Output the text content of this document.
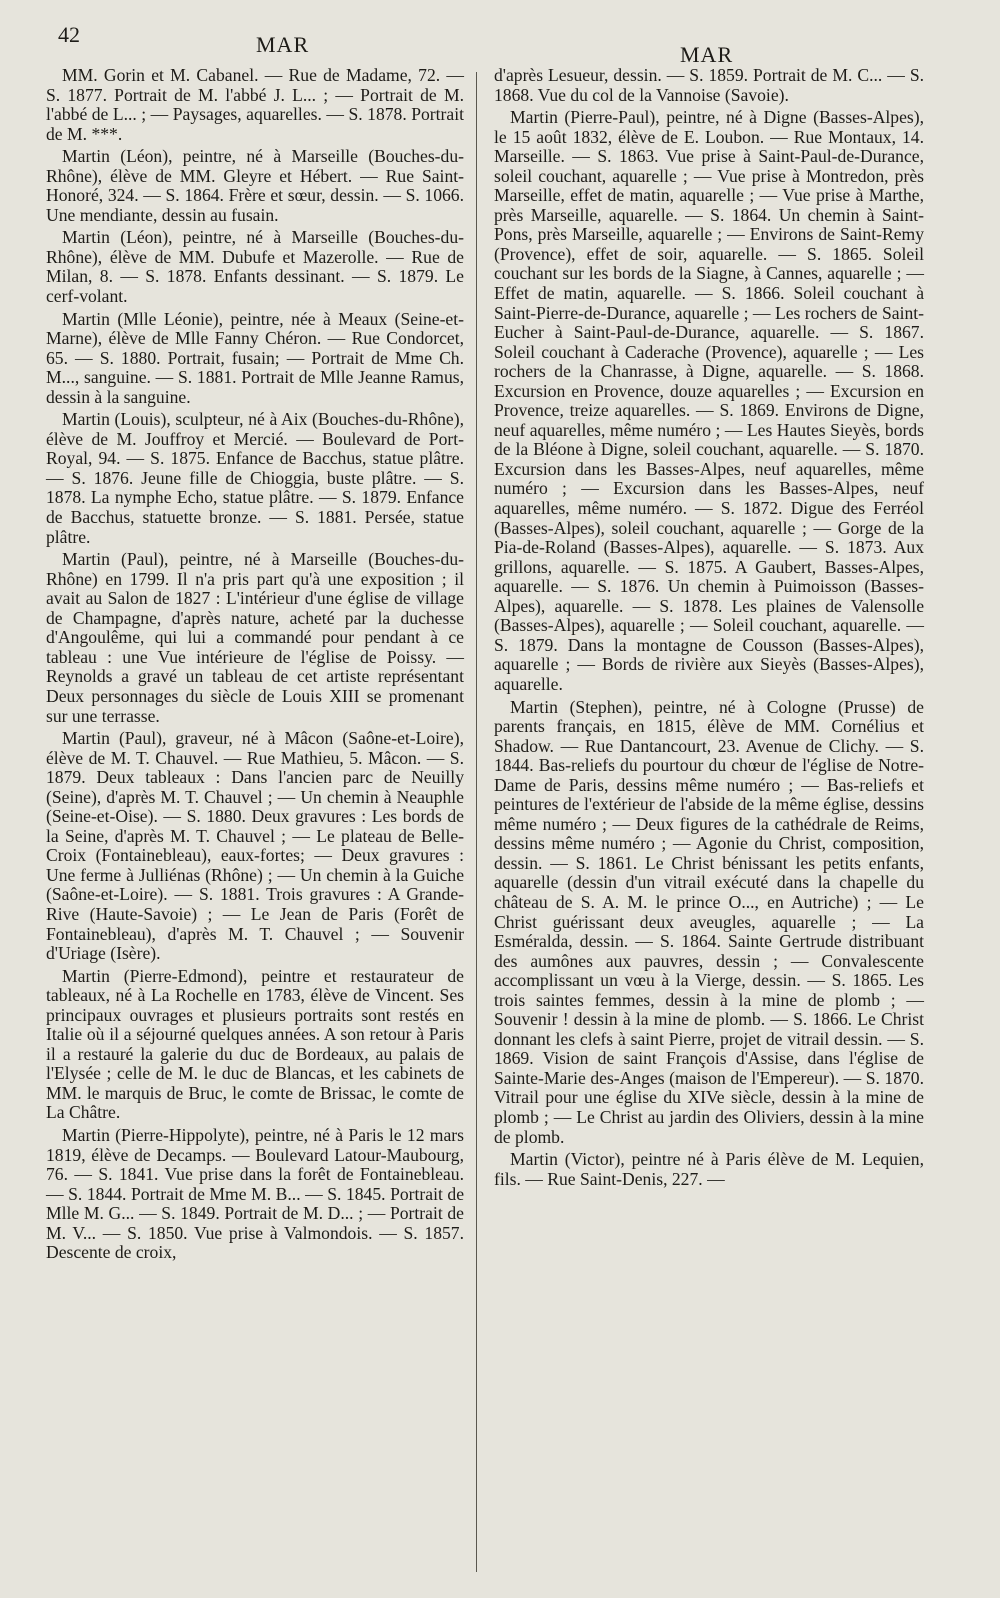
42	MAR	MAR

MM. Gorin et M. Cabanel. — Rue de Madame, 72. — S. 1877. Portrait de M. l'abbé J. L... ; — Portrait de M. l'abbé de L... ; — Paysages, aquarelles. — S. 1878. Portrait de M. ***.

Martin (Léon), peintre, né à Marseille (Bouches-du-Rhône), élève de MM. Gleyre et Hébert. — Rue Saint-Honoré, 324. — S. 1864. Frère et sœur, dessin. — S. 1066. Une mendiante, dessin au fusain.

Martin (Léon), peintre, né à Marseille (Bouches-du-Rhône), élève de MM. Dubufe et Mazerolle. — Rue de Milan, 8. — S. 1878. Enfants dessinant. — S. 1879. Le cerf-volant.

Martin (Mlle Léonie), peintre, née à Meaux (Seine-et-Marne), élève de Mlle Fanny Chéron. — Rue Condorcet, 65. — S. 1880. Portrait, fusain; — Portrait de Mme Ch. M..., sanguine. — S. 1881. Portrait de Mlle Jeanne Ramus, dessin à la sanguine.

Martin (Louis), sculpteur, né à Aix (Bouches-du-Rhône), élève de M. Jouffroy et Mercié. — Boulevard de Port-Royal, 94. — S. 1875. Enfance de Bacchus, statue plâtre. — S. 1876. Jeune fille de Chioggia, buste plâtre. — S. 1878. La nymphe Echo, statue plâtre. — S. 1879. Enfance de Bacchus, statuette bronze. — S. 1881. Persée, statue plâtre.

Martin (Paul), peintre, né à Marseille (Bouches-du-Rhône) en 1799. Il n'a pris part qu'à une exposition ; il avait au Salon de 1827 : L'intérieur d'une église de village de Champagne, d'après nature, acheté par la duchesse d'Angoulême, qui lui a commandé pour pendant à ce tableau : une Vue intérieure de l'église de Poissy. — Reynolds a gravé un tableau de cet artiste représentant Deux personnages du siècle de Louis XIII se promenant sur une terrasse.

Martin (Paul), graveur, né à Mâcon (Saône-et-Loire), élève de M. T. Chauvel. — Rue Mathieu, 5. Mâcon. — S. 1879. Deux tableaux : Dans l'ancien parc de Neuilly (Seine), d'après M. T. Chauvel ; — Un chemin à Neauphle (Seine-et-Oise). — S. 1880. Deux gravures : Les bords de la Seine, d'après M. T. Chauvel ; — Le plateau de Belle-Croix (Fontainebleau), eaux-fortes; — Deux gravures : Une ferme à Julliénas (Rhône) ; — Un chemin à la Guiche (Saône-et-Loire). — S. 1881. Trois gravures : A Grande-Rive (Haute-Savoie) ; — Le Jean de Paris (Forêt de Fontainebleau), d'après M. T. Chauvel ; — Souvenir d'Uriage (Isère).

Martin (Pierre-Edmond), peintre et restaurateur de tableaux, né à La Rochelle en 1783, élève de Vincent. Ses principaux ouvrages et plusieurs portraits sont restés en Italie où il a séjourné quelques années. A son retour à Paris il a restauré la galerie du duc de Bordeaux, au palais de l'Elysée ; celle de M. le duc de Blancas, et les cabinets de MM. le marquis de Bruc, le comte de Brissac, le comte de La Châtre.

Martin (Pierre-Hippolyte), peintre, né à Paris le 12 mars 1819, élève de Decamps. — Boulevard Latour-Maubourg, 76. — S. 1841. Vue prise dans la forêt de Fontainebleau. — S. 1844. Portrait de Mme M. B... — S. 1845. Portrait de Mlle M. G... — S. 1849. Portrait de M. D... ; — Portrait de M. V... — S. 1850. Vue prise à Valmondois. — S. 1857. Descente de croix,

d'après Lesueur, dessin. — S. 1859. Portrait de M. C... — S. 1868. Vue du col de la Vannoise (Savoie).

Martin (Pierre-Paul), peintre, né à Digne (Basses-Alpes), le 15 août 1832, élève de E. Loubon. — Rue Montaux, 14. Marseille. — S. 1863. Vue prise à Saint-Paul-de-Durance, soleil couchant, aquarelle ; — Vue prise à Montredon, près Marseille, effet de matin, aquarelle ; — Vue prise à Marthe, près Marseille, aquarelle. — S. 1864. Un chemin à Saint-Pons, près Marseille, aquarelle ; — Environs de Saint-Remy (Provence), effet de soir, aquarelle. — S. 1865. Soleil couchant sur les bords de la Siagne, à Cannes, aquarelle ; — Effet de matin, aquarelle. — S. 1866. Soleil couchant à Saint-Pierre-de-Durance, aquarelle ; — Les rochers de Saint-Eucher à Saint-Paul-de-Durance, aquarelle. — S. 1867. Soleil couchant à Caderache (Provence), aquarelle ; — Les rochers de la Chanrasse, à Digne, aquarelle. — S. 1868. Excursion en Provence, douze aquarelles ; — Excursion en Provence, treize aquarelles. — S. 1869. Environs de Digne, neuf aquarelles, même numéro ; — Les Hautes Sieyès, bords de la Bléone à Digne, soleil couchant, aquarelle. — S. 1870. Excursion dans les Basses-Alpes, neuf aquarelles, même numéro ; — Excursion dans les Basses-Alpes, neuf aquarelles, même numéro. — S. 1872. Digue des Ferréol (Basses-Alpes), soleil couchant, aquarelle ; — Gorge de la Pia-de-Roland (Basses-Alpes), aquarelle. — S. 1873. Aux grillons, aquarelle. — S. 1875. A Gaubert, Basses-Alpes, aquarelle. — S. 1876. Un chemin à Puimoisson (Basses-Alpes), aquarelle. — S. 1878. Les plaines de Valensolle (Basses-Alpes), aquarelle ; — Soleil couchant, aquarelle. — S. 1879. Dans la montagne de Cousson (Basses-Alpes), aquarelle ; — Bords de rivière aux Sieyès (Basses-Alpes), aquarelle.

Martin (Stephen), peintre, né à Cologne (Prusse) de parents français, en 1815, élève de MM. Cornélius et Shadow. — Rue Dantancourt, 23. Avenue de Clichy. — S. 1844. Bas-reliefs du pourtour du chœur de l'église de Notre-Dame de Paris, dessins même numéro ; — Bas-reliefs et peintures de l'extérieur de l'abside de la même église, dessins même numéro ; — Deux figures de la cathédrale de Reims, dessins même numéro ; — Agonie du Christ, composition, dessin. — S. 1861. Le Christ bénissant les petits enfants, aquarelle (dessin d'un vitrail exécuté dans la chapelle du château de S. A. M. le prince O..., en Autriche) ; — Le Christ guérissant deux aveugles, aquarelle ; — La Esméralda, dessin. — S. 1864. Sainte Gertrude distribuant des aumônes aux pauvres, dessin ; — Convalescente accomplissant un vœu à la Vierge, dessin. — S. 1865. Les trois saintes femmes, dessin à la mine de plomb ; — Souvenir ! dessin à la mine de plomb. — S. 1866. Le Christ donnant les clefs à saint Pierre, projet de vitrail dessin. — S. 1869. Vision de saint François d'Assise, dans l'église de Sainte-Marie des-Anges (maison de l'Empereur). — S. 1870. Vitrail pour une église du XIVe siècle, dessin à la mine de plomb ; — Le Christ au jardin des Oliviers, dessin à la mine de plomb.

Martin (Victor), peintre né à Paris élève de M. Lequien, fils. — Rue Saint-Denis, 227. —
